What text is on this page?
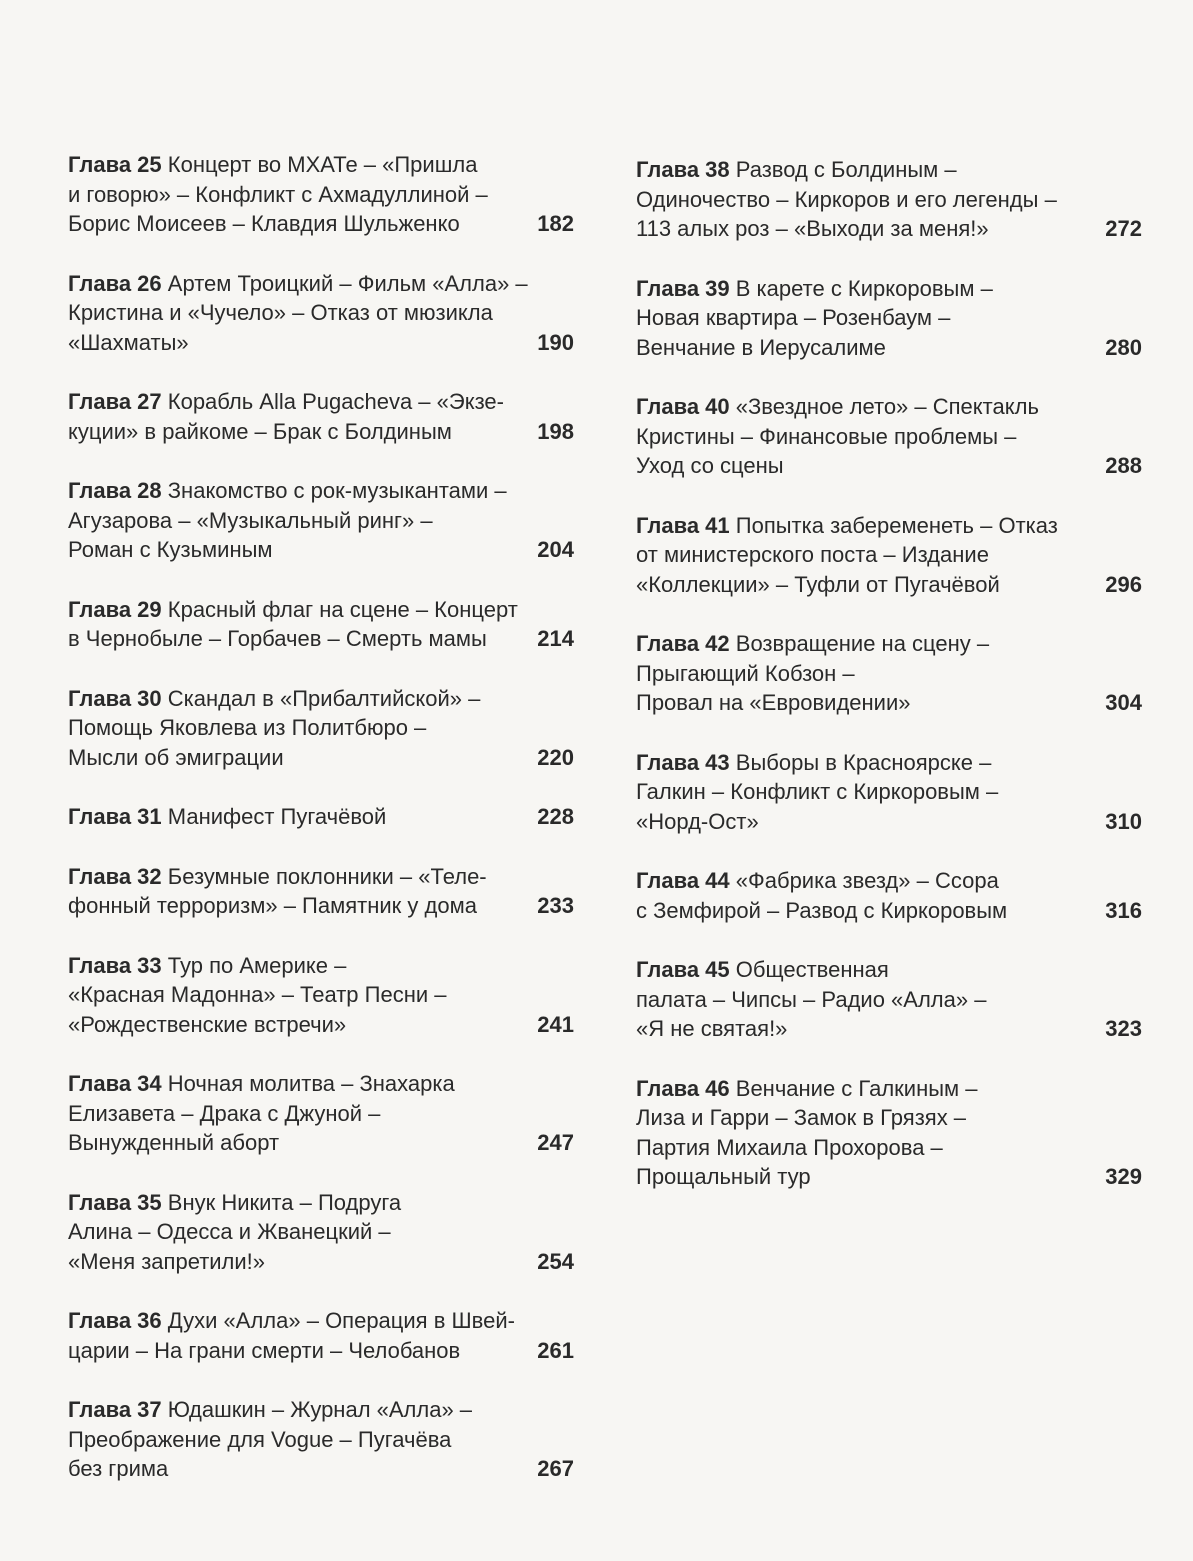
Глава 25 Концерт во МХАТе – «Пришла
и говорю» – Конфликт с Ахмадуллиной –
Борис Моисеев – Клавдия Шульженко	182
Глава 26 Артем Троицкий – Фильм «Алла» –
Кристина и «Чучело» – Отказ от мюзикла
«Шахматы»	190
Глава 27 Корабль Alla Pugacheva – «Экзе-
куции» в райкоме – Брак с Болдиным	198
Глава 28 Знакомство с рок-музыкантами –
Агузарова – «Музыкальный ринг» –
Роман с Кузьминым	204
Глава 29 Красный флаг на сцене – Концерт
в Чернобыле – Горбачев – Смерть мамы	214
Глава 30 Скандал в «Прибалтийской» –
Помощь Яковлева из Политбюро –
Мысли об эмиграции	220
Глава 31 Манифест Пугачёвой	228
Глава 32 Безумные поклонники – «Теле-
фонный терроризм» – Памятник у дома	233
Глава 33 Тур по Америке –
«Красная Мадонна» – Театр Песни –
«Рождественские встречи»	241
Глава 34 Ночная молитва – Знахарка
Елизавета – Драка с Джуной –
Вынужденный аборт	247
Глава 35 Внук Никита – Подруга
Алина – Одесса и Жванецкий –
«Меня запретили!»	254
Глава 36 Духи «Алла» – Операция в Швей-
царии – На грани смерти – Челобанов	261
Глава 37 Юдашкин – Журнал «Алла» –
Преображение для Vogue – Пугачёва
без грима	267
Глава 38 Развод с Болдиным –
Одиночество – Киркоров и его легенды –
113 алых роз – «Выходи за меня!»	272
Глава 39 В карете с Киркоровым –
Новая квартира – Розенбаум –
Венчание в Иерусалиме	280
Глава 40 «Звездное лето» – Спектакль
Кристины – Финансовые проблемы –
Уход со сцены	288
Глава 41 Попытка забеременеть – Отказ
от министерского поста – Издание
«Коллекции» – Туфли от Пугачёвой	296
Глава 42 Возвращение на сцену –
Прыгающий Кобзон –
Провал на «Евровидении»	304
Глава 43 Выборы в Красноярске –
Галкин – Конфликт с Киркоровым –
«Норд-Ост»	310
Глава 44 «Фабрика звезд» – Ссора
с Земфирой – Развод с Киркоровым	316
Глава 45 Общественная
палата – Чипсы – Радио «Алла» –
«Я не святая!»	323
Глава 46 Венчание с Галкиным –
Лиза и Гарри – Замок в Грязях –
Партия Михаила Прохорова –
Прощальный тур	329
